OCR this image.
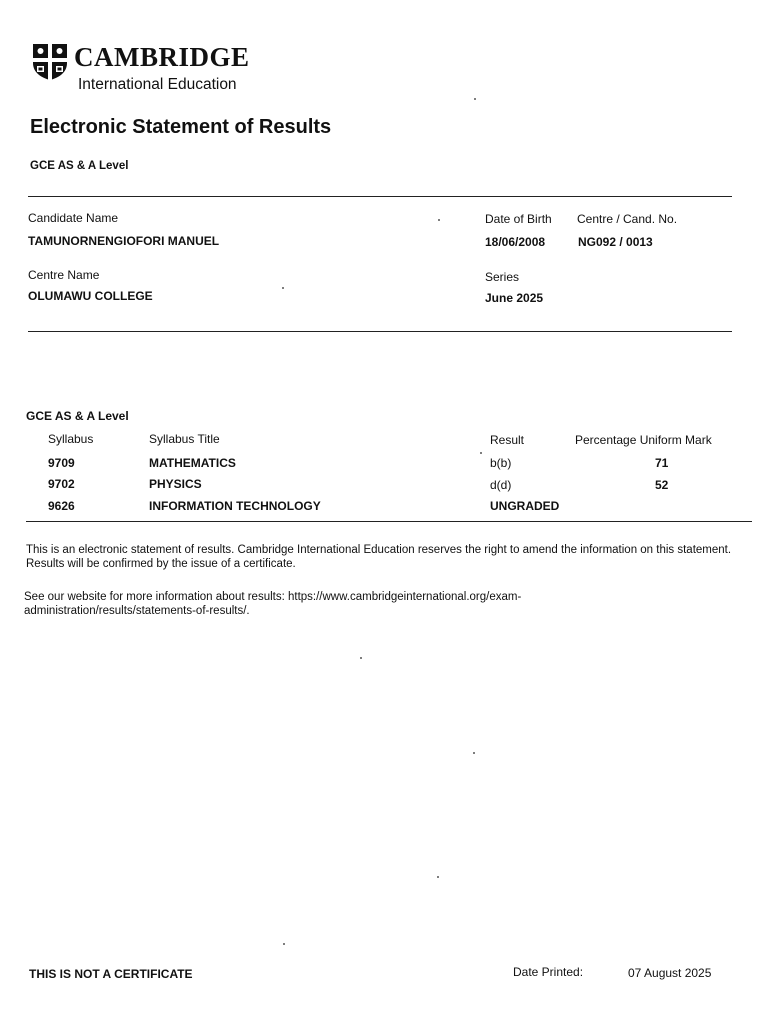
CAMBRIDGE
International Education
Electronic Statement of Results
GCE AS & A Level
Candidate Name
TAMUNORNENGIOFORI MANUEL
Date of Birth
18/06/2008
Centre / Cand. No.
NG092 / 0013
Centre Name
OLUMAWU COLLEGE
Series
June 2025
GCE AS & A Level
Syllabus	Syllabus Title	Result	Percentage Uniform Mark
9709	MATHEMATICS	b(b)	71
9702	PHYSICS	d(d)	52
9626	INFORMATION TECHNOLOGY	UNGRADED
This is an electronic statement of results. Cambridge International Education reserves the right to amend the information on this statement. Results will be confirmed by the issue of a certificate.
See our website for more information about results: https://www.cambridgeinternational.org/exam-
administration/results/statements-of-results/.
THIS IS NOT A CERTIFICATE	Date Printed:	07 August 2025
